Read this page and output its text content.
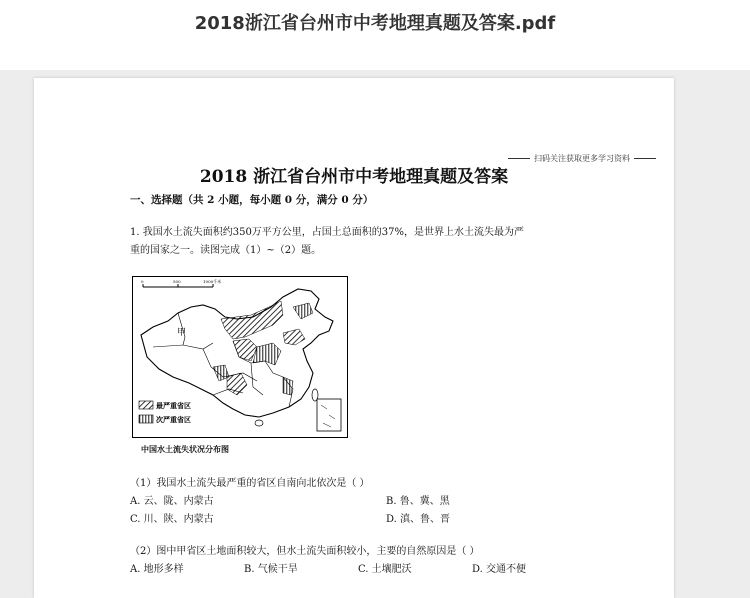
2018浙江省台州市中考地理真题及答案.pdf
扫码关注获取更多学习资料
2018 浙江省台州市中考地理真题及答案
一、选择题（共 2 小题，每小题 0 分，满分 0 分）
1. 我国水土流失面积约350万平方公里，占国土总面积的37%，是世界上水土流失最为严
重的国家之一。读图完成（1）~（2）题。
0	500	1000千米
甲
最严重省区
次严重省区
中国水土流失状况分布图
（1）我国水土流失最严重的省区自南向北依次是（ ）
A. 云、陇、内蒙古	B. 鲁、冀、黑
C. 川、陕、内蒙古	D. 滇、鲁、晋
（2）图中甲省区土地面积较大，但水土流失面积较小，主要的自然原因是（ ）
A. 地形多样	B. 气候干旱	C. 土壤肥沃	D. 交通不便
